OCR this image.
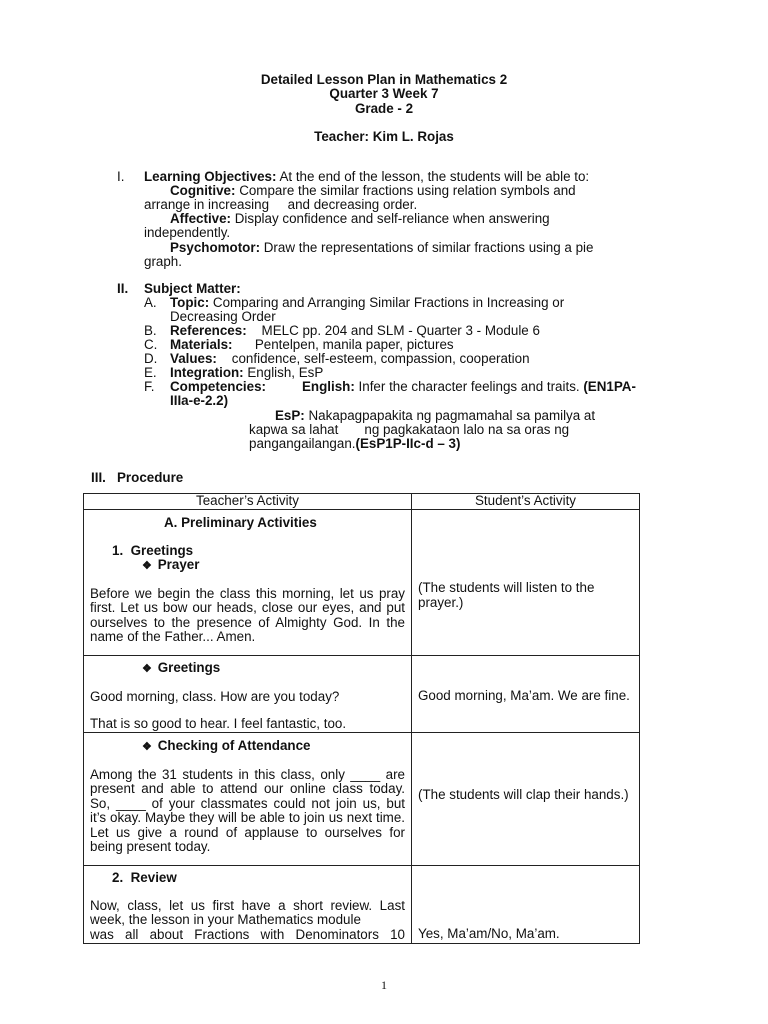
Detailed Lesson Plan in Mathematics 2
Quarter 3 Week 7
Grade - 2
Teacher: Kim L. Rojas
I. Learning Objectives: At the end of the lesson, the students will be able to:
Cognitive: Compare the similar fractions using relation symbols and
arrange in increasing     and decreasing order.
Affective: Display confidence and self-reliance when answering
independently.
Psychomotor: Draw the representations of similar fractions using a pie
graph.
II. Subject Matter:
A. Topic: Comparing and Arranging Similar Fractions in Increasing or
Decreasing Order
B. References:    MELC pp. 204 and SLM - Quarter 3 - Module 6
C. Materials:      Pentelpen, manila paper, pictures
D. Values:    confidence, self-esteem, compassion, cooperation
E. Integration: English, EsP
F. Competencies:	English: Infer the character feelings and traits. (EN1PA-
IIIa-e-2.2)
EsP: Nakapagpapakita ng pagmamahal sa pamilya at
kapwa sa lahat       ng pagkakataon lalo na sa oras ng
pangangailangan.(EsP1P-IIc-d – 3)
III. Procedure
Teacher’s Activity	Student’s Activity

A. Preliminary Activities
1. Greetings
❖ Prayer
Before we begin the class this morning, let us pray first. Let us bow our heads, close our eyes, and put ourselves to the presence of Almighty God. In the name of the Father... Amen.	(The students will listen to the prayer.)

❖ Greetings
Good morning, class. How are you today?
That is so good to hear. I feel fantastic, too.	Good morning, Ma’am. We are fine.

❖ Checking of Attendance
Among the 31 students in this class, only ____ are present and able to attend our online class today. So, ____ of your classmates could not join us, but it’s okay. Maybe they will be able to join us next time. Let us give a round of applause to ourselves for being present today.	(The students will clap their hands.)

2. Review
Now, class, let us first have a short review. Last week, the lesson in your Mathematics module
was all about Fractions with Denominators 10	Yes, Ma’am/No, Ma’am.
1
